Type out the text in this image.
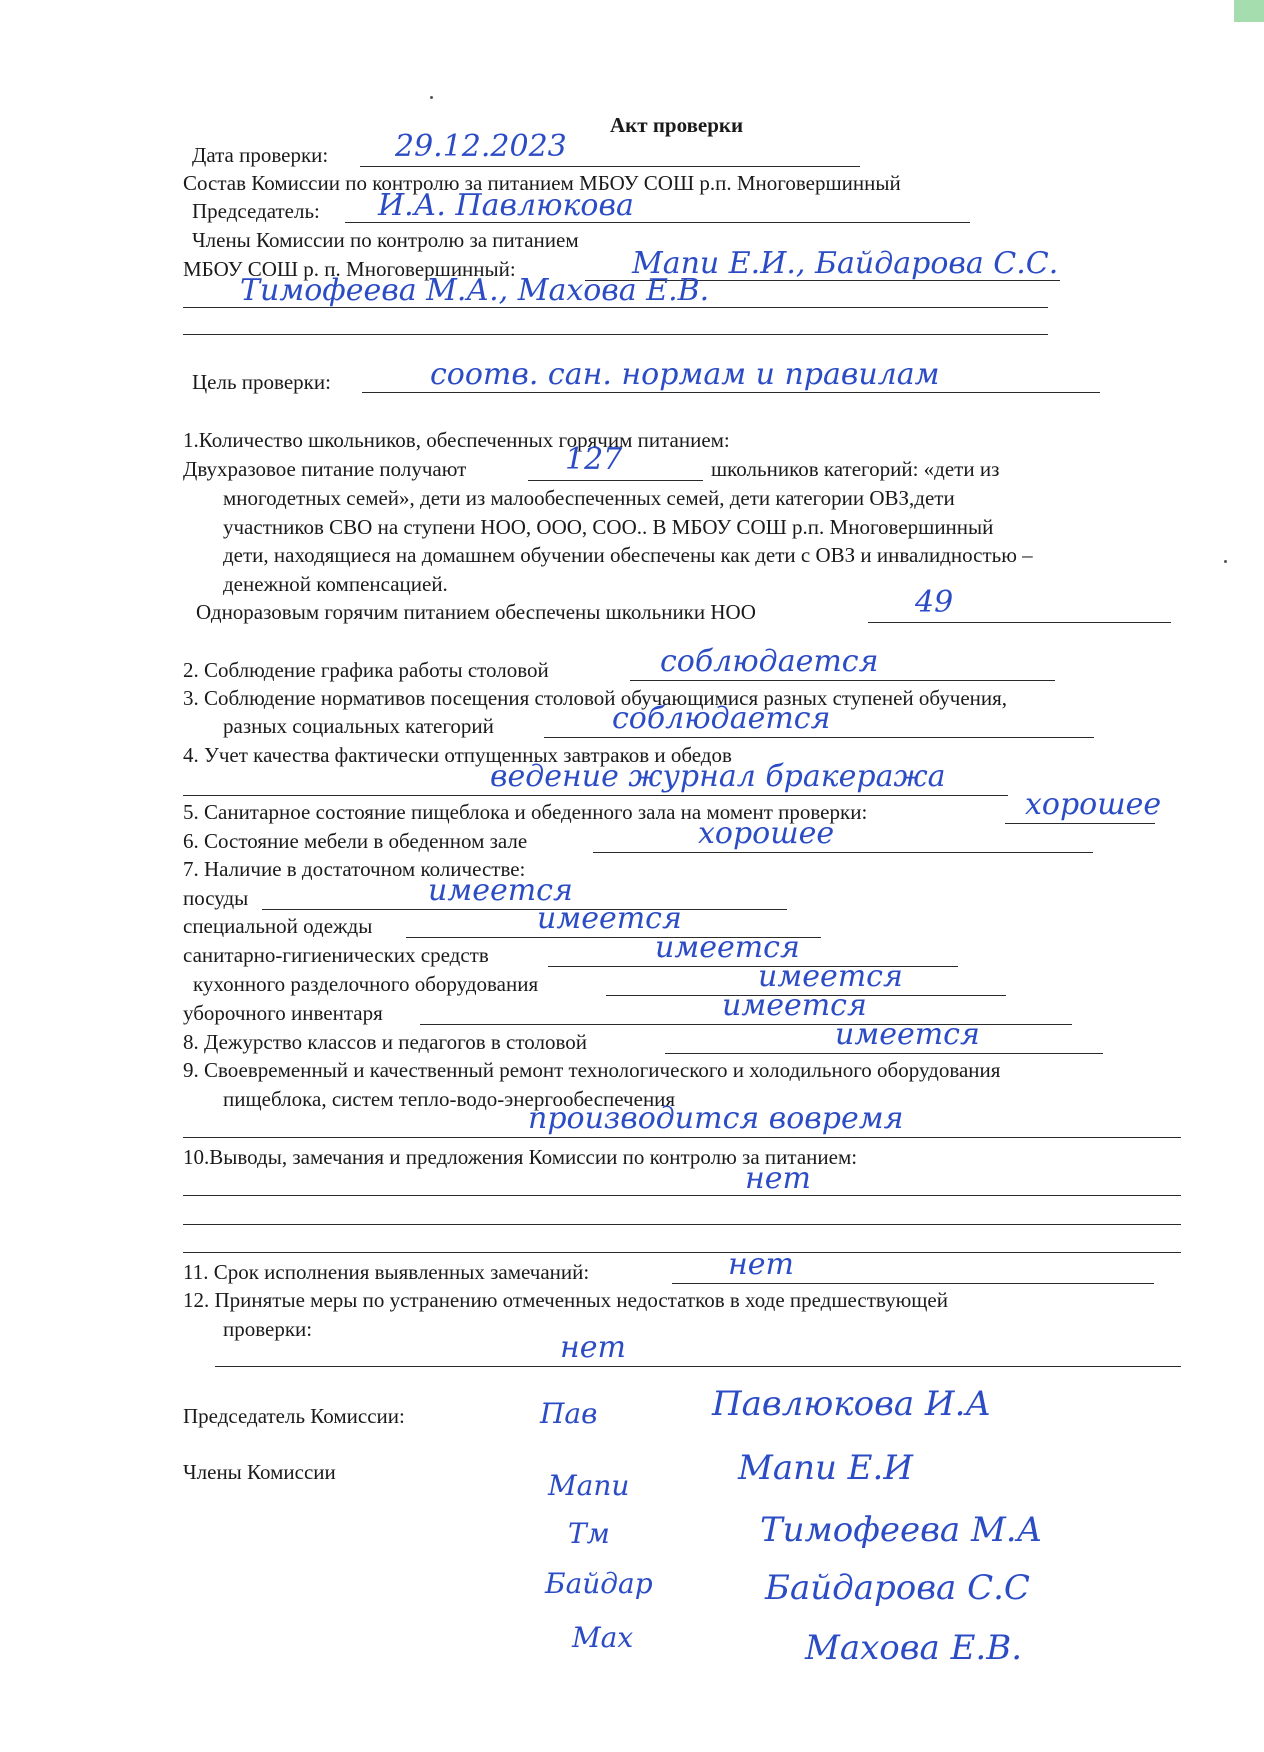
Акт проверки
Дата проверки: 29.12.2023
Состав Комиссии по контролю за питанием МБОУ СОШ р.п. Многовершинный
Председатель: И.А. Павлюкова
Члены Комиссии по контролю за питанием
МБОУ СОШ р. п. Многовершинный:	Мапи Е.И., Байдарова С.С.
Тимофеева М.А., Махова Е.В.
Цель проверки:	соотв. сан. нормам и правилам
1.Количество школьников, обеспеченных горячим питанием:
Двухразовое питание получают	127	школьников категорий: «дети из
многодетных семей», дети из малообеспеченных семей, дети категории ОВЗ,дети
участников СВО на ступени НОО, ООО, СОО.. В МБОУ СОШ р.п. Многовершинный
дети, находящиеся на домашнем обучении обеспечены как дети с ОВЗ и инвалидностью –
денежной компенсацией.
Одноразовым горячим питанием обеспечены школьники НОО	49
2. Соблюдение графика работы столовой	соблюдается
3. Соблюдение нормативов посещения столовой обучающимися разных ступеней обучения,
разных социальных категорий	соблюдается
4. Учет качества фактически отпущенных завтраков и обедов
ведение журнал бракеража
5. Санитарное состояние пищеблока и обеденного зала на момент проверки:	хорошее
6. Состояние мебели в обеденном зале	хорошее
7. Наличие в достаточном количестве:
посуды	имеется
специальной одежды	имеется
санитарно-гигиенических средств	имеется
кухонного разделочного оборудования	имеется
уборочного инвентаря	имеется
8. Дежурство классов и педагогов в столовой	имеется
9. Своевременный и качественный ремонт технологического и холодильного оборудования
пищеблока, систем тепло-водо-энергообеспечения
производится вовремя
10.Выводы, замечания и предложения Комиссии по контролю за питанием:
нет
11. Срок исполнения выявленных замечаний:	нет
12. Принятые меры по устранению отмеченных недостатков в ходе предшествующей
проверки:
нет
Председатель Комиссии:	Пав	Павлюкова И.А
Члены Комиссии	Мапи	Мапи Е.И
Тм	Тимофеева М.А
Байдар	Байдарова С.С
Мах	Махова Е.В.
